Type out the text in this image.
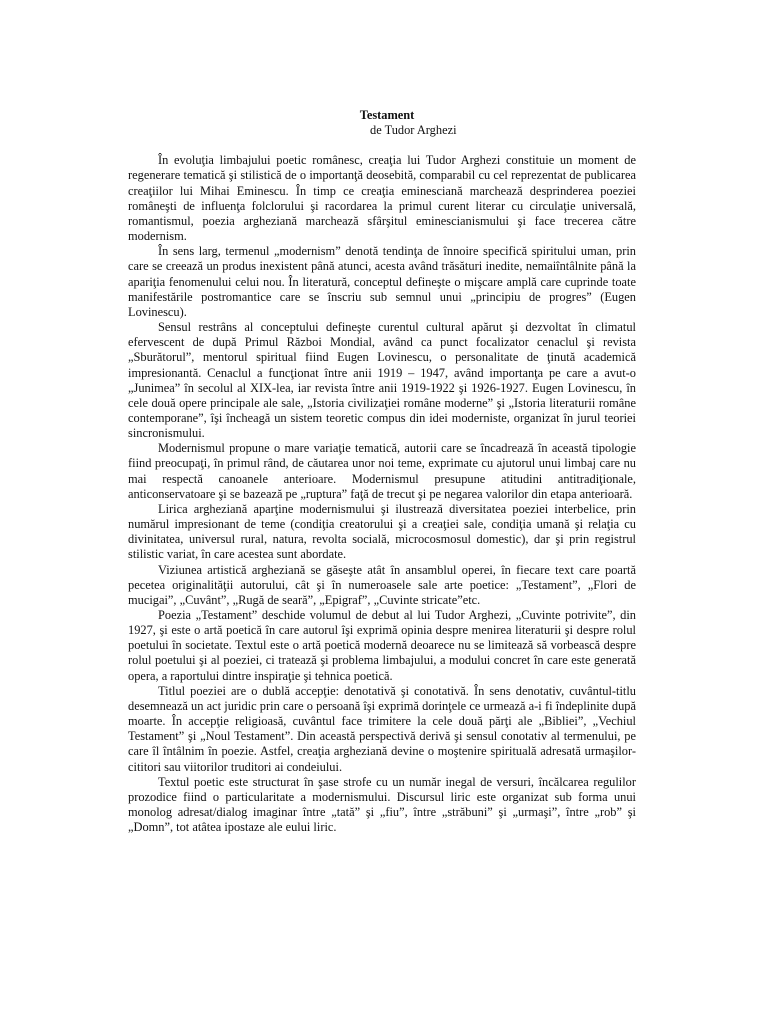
Testament

de Tudor Arghezi

În evoluţia limbajului poetic românesc, creaţia lui Tudor Arghezi constituie un moment de regenerare tematică şi stilistică de o importanţă deosebită, comparabil cu cel reprezentat de publicarea creaţiilor lui Mihai Eminescu. În timp ce creaţia eminesciană marchează desprinderea poeziei româneşti de influenţa folclorului şi racordarea la primul curent literar cu circulaţie universală, romantismul, poezia argheziană marchează sfârşitul eminescianismului şi face trecerea către modernism.

În sens larg, termenul „modernism” denotă tendinţa de înnoire specifică spiritului uman, prin care se creează un produs inexistent până atunci, acesta având trăsături inedite, nemaiîntâlnite până la apariţia fenomenului celui nou. În literatură, conceptul defineşte o mişcare amplă care cuprinde toate manifestările postromantice care se înscriu sub semnul unui „principiu de progres” (Eugen Lovinescu).

Sensul restrâns al conceptului defineşte curentul cultural apărut şi dezvoltat în climatul efervescent de după Primul Război Mondial, având ca punct focalizator cenaclul şi revista „Sburătorul”, mentorul spiritual fiind Eugen Lovinescu, o personalitate de ţinută academică impresionantă. Cenaclul a funcţionat între anii 1919 – 1947, având importanţa pe care a avut-o „Junimea” în secolul al XIX-lea, iar revista între anii 1919-1922 şi 1926-1927. Eugen Lovinescu, în cele două opere principale ale sale, „Istoria civilizaţiei române moderne” şi „Istoria literaturii române contemporane”, îşi încheagă un sistem teoretic compus din idei moderniste, organizat în jurul teoriei sincronismului.

Modernismul propune o mare variaţie tematică, autorii care se încadrează în această tipologie fiind preocupaţi, în primul rând, de căutarea unor noi teme, exprimate cu ajutorul unui limbaj care nu mai respectă canoanele anterioare. Modernismul presupune atitudini antitradiţionale, anticonservatoare şi se bazează pe „ruptura” faţă de trecut şi pe negarea valorilor din etapa anterioară.

Lirica argheziană aparţine modernismului şi ilustrează diversitatea poeziei interbelice, prin numărul impresionant de teme (condiţia creatorului şi a creaţiei sale, condiţia umană şi relaţia cu divinitatea, universul rural, natura, revolta socială, microcosmosul domestic), dar şi prin registrul stilistic variat, în care acestea sunt abordate.

Viziunea artistică argheziană se găseşte atât în ansamblul operei, în fiecare text care poartă pecetea originalităţii autorului, cât şi în numeroasele sale arte poetice: „Testament”, „Flori de mucigai”, „Cuvânt”, „Rugă de seară”, „Epigraf”, „Cuvinte stricate”etc.

Poezia „Testament” deschide volumul de debut al lui Tudor Arghezi, „Cuvinte potrivite”, din 1927, şi este o artă poetică în care autorul îşi exprimă opinia despre menirea literaturii şi despre rolul poetului în societate. Textul este o artă poetică modernă deoarece nu se limitează să vorbească despre rolul poetului şi al poeziei, ci tratează şi problema limbajului, a modului concret în care este generată opera, a raportului dintre inspiraţie şi tehnica poetică.

Titlul poeziei are o dublă accepţie: denotativă şi conotativă. În sens denotativ, cuvântul-titlu desemnează un act juridic prin care o persoană îşi exprimă dorinţele ce urmează a-i fi îndeplinite după moarte. În accepţie religioasă, cuvântul face trimitere la cele două părţi ale „Bibliei”, „Vechiul Testament” şi „Noul Testament”. Din această perspectivă derivă şi sensul conotativ al termenului, pe care îl întâlnim în poezie. Astfel, creaţia argheziană devine o moştenire spirituală adresată urmaşilor-cititori sau viitorilor truditori ai condeiului.

Textul poetic este structurat în şase strofe cu un număr inegal de versuri, încălcarea regulilor prozodice fiind o particularitate a modernismului. Discursul liric este organizat sub forma unui monolog adresat/dialog imaginar între „tată” şi „fiu”, între „străbuni” şi „urmaşi”, între „rob” şi „Domn”, tot atâtea ipostaze ale eului liric.
